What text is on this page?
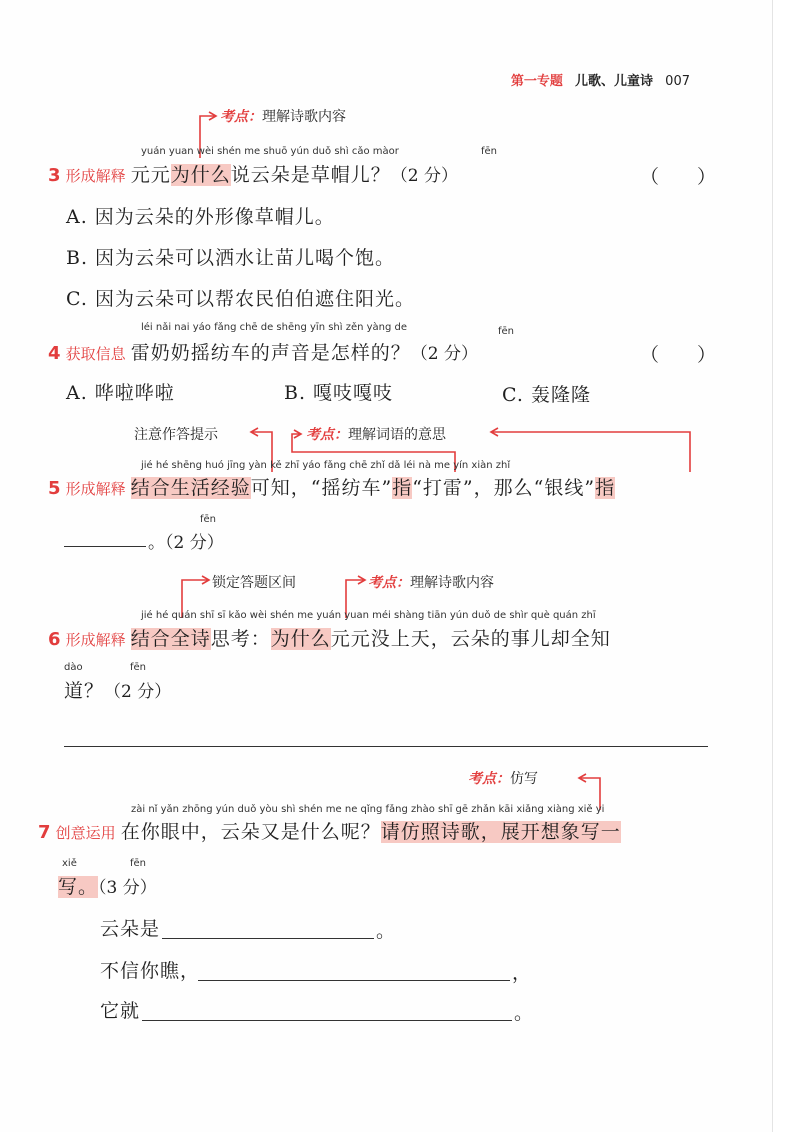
第一专题 儿歌、儿童诗 007
考点：理解诗歌内容
yuán yuan wèi shén me shuō yún duǒ shì cǎo màor	fēn
3 形成解释 元元为什么说云朵是草帽儿？（2 分）	（　　）
A. 因为云朵的外形像草帽儿。
B. 因为云朵可以洒水让苗儿喝个饱。
C. 因为云朵可以帮农民伯伯遮住阳光。
léi nǎi nai yáo fǎng chē de shēng yīn shì zěn yàng de	fēn
4 获取信息 雷奶奶摇纺车的声音是怎样的？（2 分）	（　　）
A. 哗啦哗啦	B. 嘎吱嘎吱	C. 轰隆隆
注意作答提示	考点：理解词语的意思
jié hé shēng huó jīng yàn kě zhī yáo fǎng chē zhǐ dǎ léi nà me yín xiàn zhǐ
5 形成解释 结合生活经验可知，“摇纺车”指“打雷”，那么“银线”指
fēn
。（2 分）
锁定答题区间	考点：理解诗歌内容
jié hé quán shī sī kǎo wèi shén me yuán yuan méi shàng tiān yún duǒ de shìr què quán zhī
6 形成解释 结合全诗思考：为什么元元没上天，云朵的事儿却全知
dào	fēn
道？（2 分）
考点：仿写
zài nǐ yǎn zhōng yún duǒ yòu shì shén me ne qǐng fǎng zhào shī gē zhǎn kāi xiǎng xiàng xiě yi
7 创意运用 在你眼中，云朵又是什么呢？请仿照诗歌，展开想象写一
xiě	fēn
写。（3 分）
云朵是	。
不信你瞧，	，
它就	。
